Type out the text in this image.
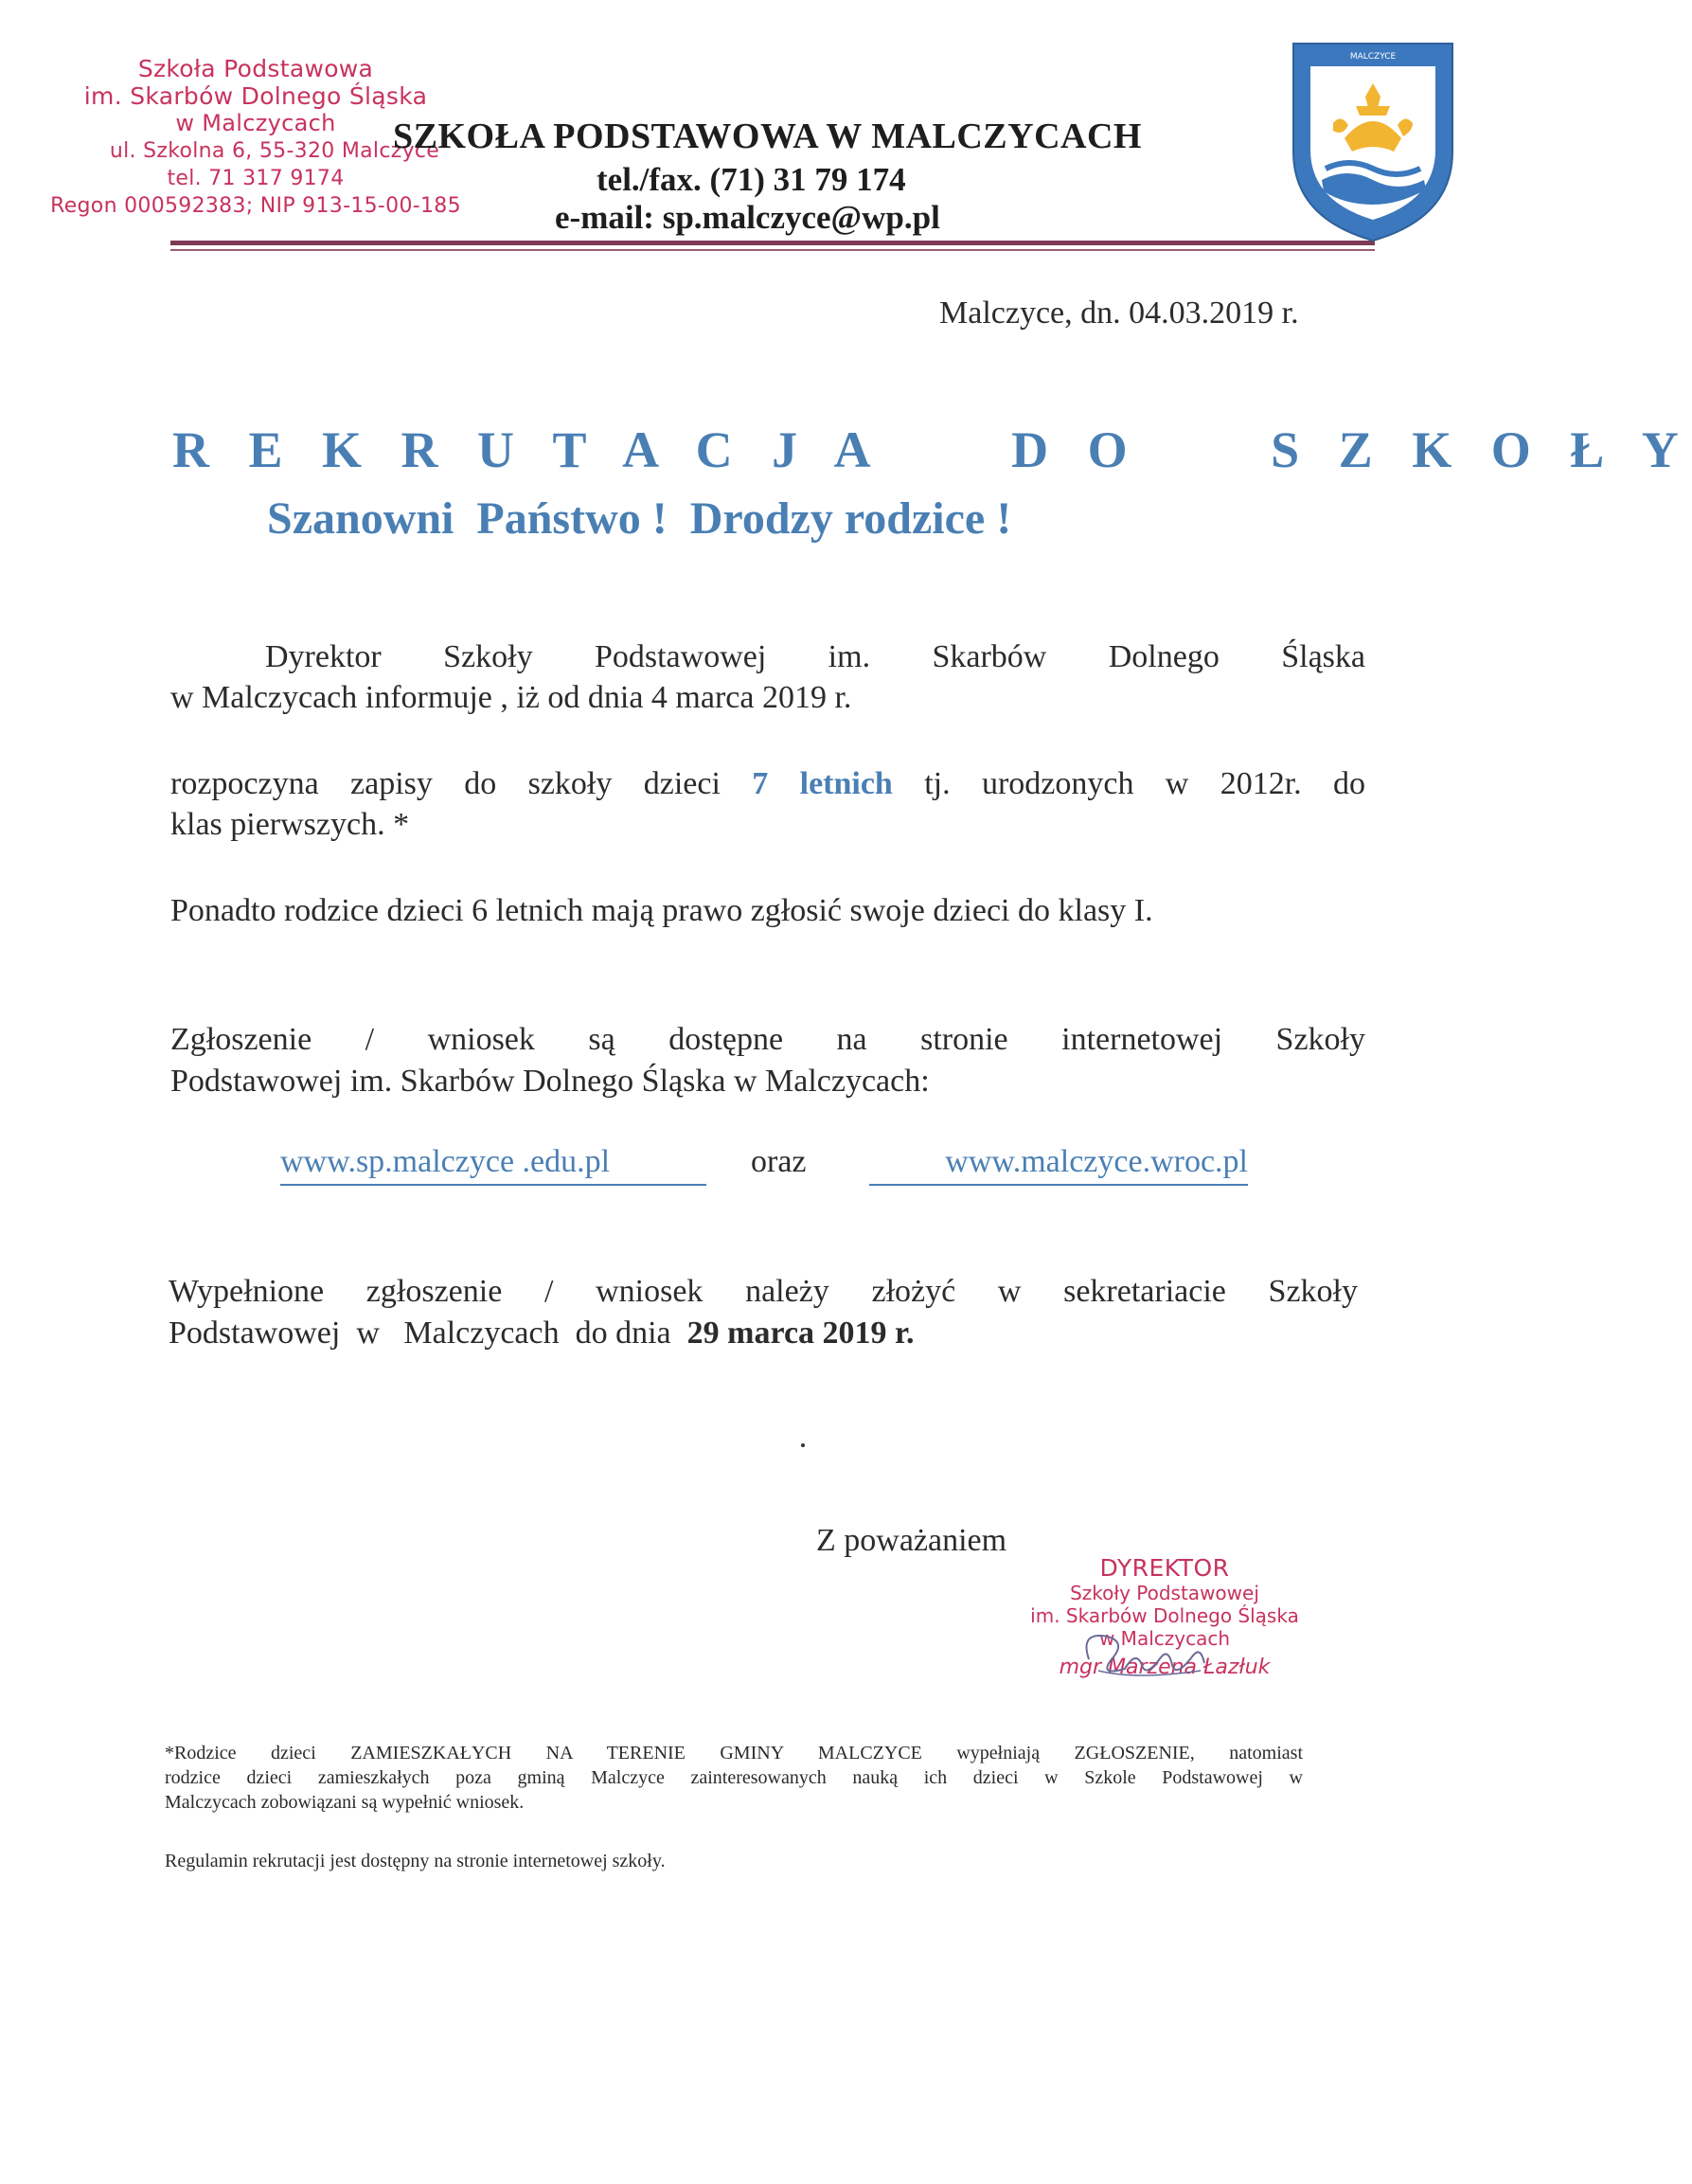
Szkoła Podstawowa
im. Skarbów Dolnego Śląska
w Malczycach
ul. Szkolna 6, 55-320 Malczyce
tel. 71 317 9174
Regon 000592383; NIP 913-15-00-185
SZKOŁA PODSTAWOWA W MALCZYCACH
tel./fax. (71) 31 79 174
e-mail: sp.malczyce@wp.pl
MALCZYCE
Malczyce, dn. 04.03.2019 r.
R E K R U T A C J A     D O     S Z K O Ł Y
Szanowni  Państwo !  Drodzy rodzice !
Dyrektor Szkoły Podstawowej im. Skarbów Dolnego Śląska
w Malczycach informuje , iż od dnia 4 marca 2019 r.
rozpoczyna zapisy do szkoły dzieci 7 letnich tj. urodzonych w 2012r. do
klas pierwszych. *
Ponadto rodzice dzieci 6 letnich mają prawo zgłosić swoje dzieci do klasy I.
Zgłoszenie / wniosek są dostępne na stronie internetowej Szkoły
Podstawowej im. Skarbów Dolnego Śląska w Malczycach:
www.sp.malczyce .edu.pl	oraz	www.malczyce.wroc.pl
Wypełnione zgłoszenie / wniosek należy złożyć w sekretariacie Szkoły
Podstawowej  w   Malczycach  do dnia  29 marca 2019 r.
Z poważaniem
DYREKTOR
Szkoły Podstawowej
im. Skarbów Dolnego Śląska
w Malczycach
mgr Marzena Łazłuk
*Rodzice dzieci ZAMIESZKAŁYCH NA TERENIE GMINY MALCZYCE wypełniają ZGŁOSZENIE, natomiast
rodzice dzieci zamieszkałych poza gminą Malczyce zainteresowanych nauką ich dzieci w Szkole Podstawowej w
Malczycach zobowiązani są wypełnić wniosek.
Regulamin rekrutacji jest dostępny na stronie internetowej szkoły.
